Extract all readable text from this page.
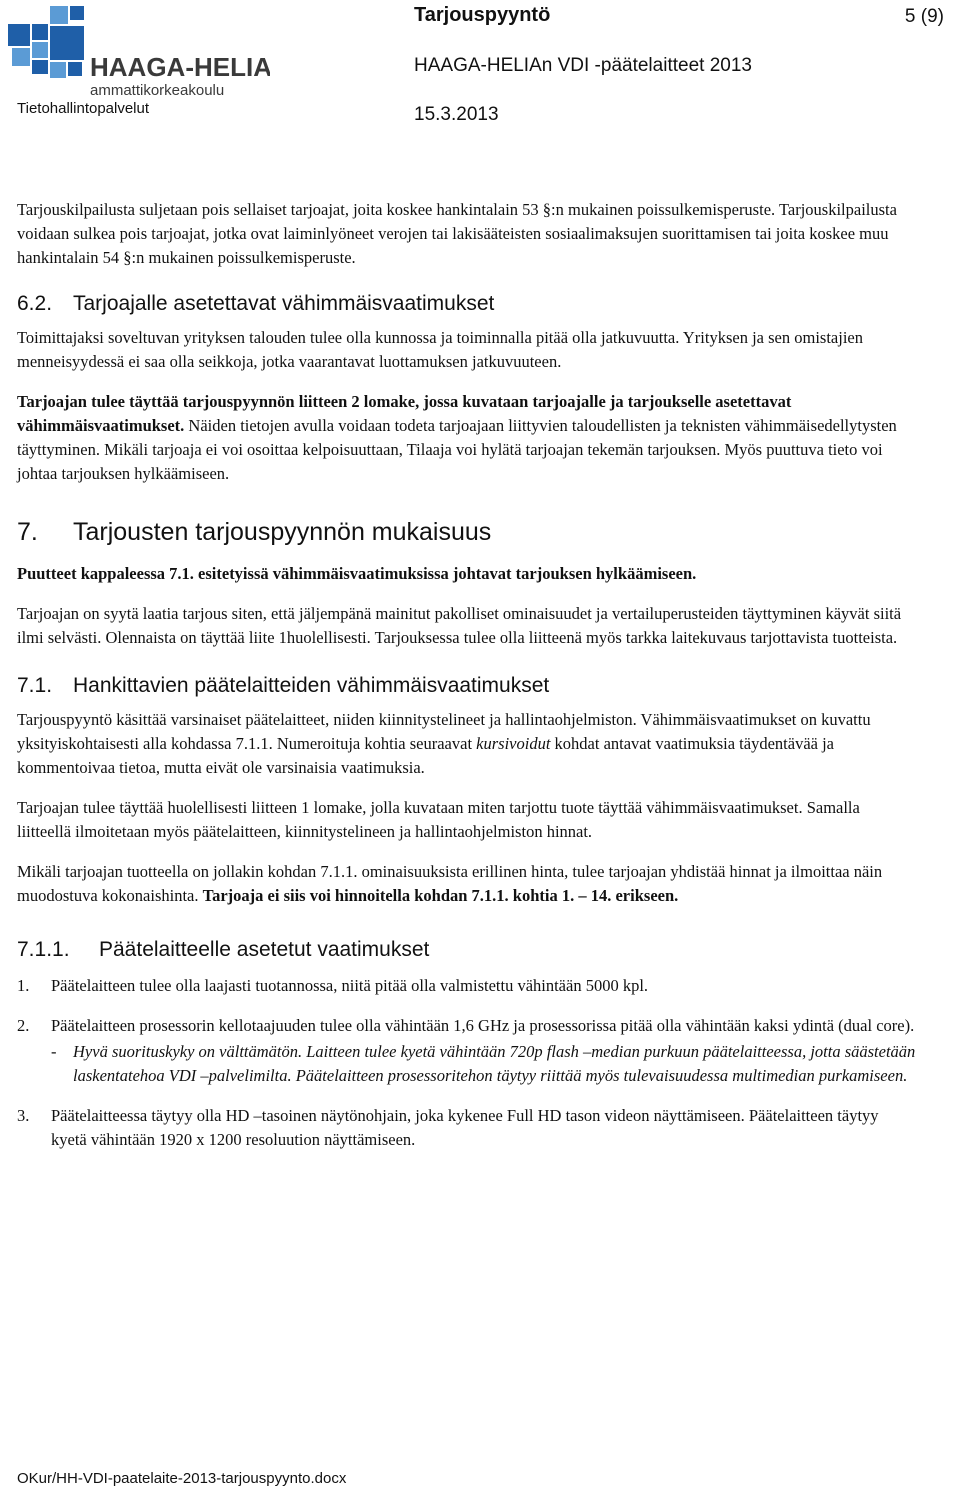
HAAGA-HELIA
ammattikorkeakoulu
Tietohallintopalvelut
Tarjouspyyntö	5 (9)
HAAGA-HELIAn VDI -päätelaitteet 2013
15.3.2013

Tarjouskilpailusta suljetaan pois sellaiset tarjoajat, joita koskee hankintalain 53 §:n mukainen poissulkemisperuste. Tarjouskilpailusta voidaan sulkea pois tarjoajat, jotka ovat laiminlyöneet verojen tai lakisääteisten sosiaalimaksujen suorittamisen tai joita koskee muu hankintalain 54 §:n mukainen poissulkemisperuste.

6.2. Tarjoajalle asetettavat vähimmäisvaatimukset

Toimittajaksi soveltuvan yrityksen talouden tulee olla kunnossa ja toiminnalla pitää olla jatkuvuutta. Yrityksen ja sen omistajien menneisyydessä ei saa olla seikkoja, jotka vaarantavat luottamuksen jatkuvuuteen.

Tarjoajan tulee täyttää tarjouspyynnön liitteen 2 lomake, jossa kuvataan tarjoajalle ja tarjoukselle asetettavat vähimmäisvaatimukset. Näiden tietojen avulla voidaan todeta tarjoajaan liittyvien taloudellisten ja teknisten vähimmäisedellytysten täyttyminen. Mikäli tarjoaja ei voi osoittaa kelpoisuuttaan, Tilaaja voi hylätä tarjoajan tekemän tarjouksen. Myös puuttuva tieto voi johtaa tarjouksen hylkäämiseen.

7. Tarjousten tarjouspyynnön mukaisuus

Puutteet kappaleessa 7.1. esitetyissä vähimmäisvaatimuksissa johtavat tarjouksen hylkäämiseen.

Tarjoajan on syytä laatia tarjous siten, että jäljempänä mainitut pakolliset ominaisuudet ja vertailuperusteiden täyttyminen käyvät siitä ilmi selvästi. Olennaista on täyttää liite 1huolellisesti. Tarjouksessa tulee olla liitteenä myös tarkka laitekuvaus tarjottavista tuotteista.

7.1. Hankittavien päätelaitteiden vähimmäisvaatimukset

Tarjouspyyntö käsittää varsinaiset päätelaitteet, niiden kiinnitystelineet ja hallintaohjelmiston. Vähimmäisvaatimukset on kuvattu yksityiskohtaisesti alla kohdassa 7.1.1. Numeroituja kohtia seuraavat kursivoidut kohdat antavat vaatimuksia täydentävää ja kommentoivaa tietoa, mutta eivät ole varsinaisia vaatimuksia.

Tarjoajan tulee täyttää huolellisesti liitteen 1 lomake, jolla kuvataan miten tarjottu tuote täyttää vähimmäisvaatimukset. Samalla liitteellä ilmoitetaan myös päätelaitteen, kiinnitystelineen ja hallintaohjelmiston hinnat.

Mikäli tarjoajan tuotteella on jollakin kohdan 7.1.1. ominaisuuksista erillinen hinta, tulee tarjoajan yhdistää hinnat ja ilmoittaa näin muodostuva kokonaishinta. Tarjoaja ei siis voi hinnoitella kohdan 7.1.1. kohtia 1. – 14. erikseen.

7.1.1. Päätelaitteelle asetetut vaatimukset
1. Päätelaitteen tulee olla laajasti tuotannossa, niitä pitää olla valmistettu vähintään 5000 kpl.
2. Päätelaitteen prosessorin kellotaajuuden tulee olla vähintään 1,6 GHz ja prosessorissa pitää olla vähintään kaksi ydintä (dual core).
- Hyvä suorituskyky on välttämätön. Laitteen tulee kyetä vähintään 720p flash –median purkuun päätelaitteessa, jotta säästetään laskentatehoa VDI –palvelimilta. Päätelaitteen prosessoritehon täytyy riittää myös tulevaisuudessa multimedian purkamiseen.
3. Päätelaitteessa täytyy olla HD –tasoinen näytönohjain, joka kykenee Full HD tason videon näyttämiseen. Päätelaitteen täytyy kyetä vähintään 1920 x 1200 resoluution näyttämiseen.
OKur/HH-VDI-paatelaite-2013-tarjouspyynto.docx
